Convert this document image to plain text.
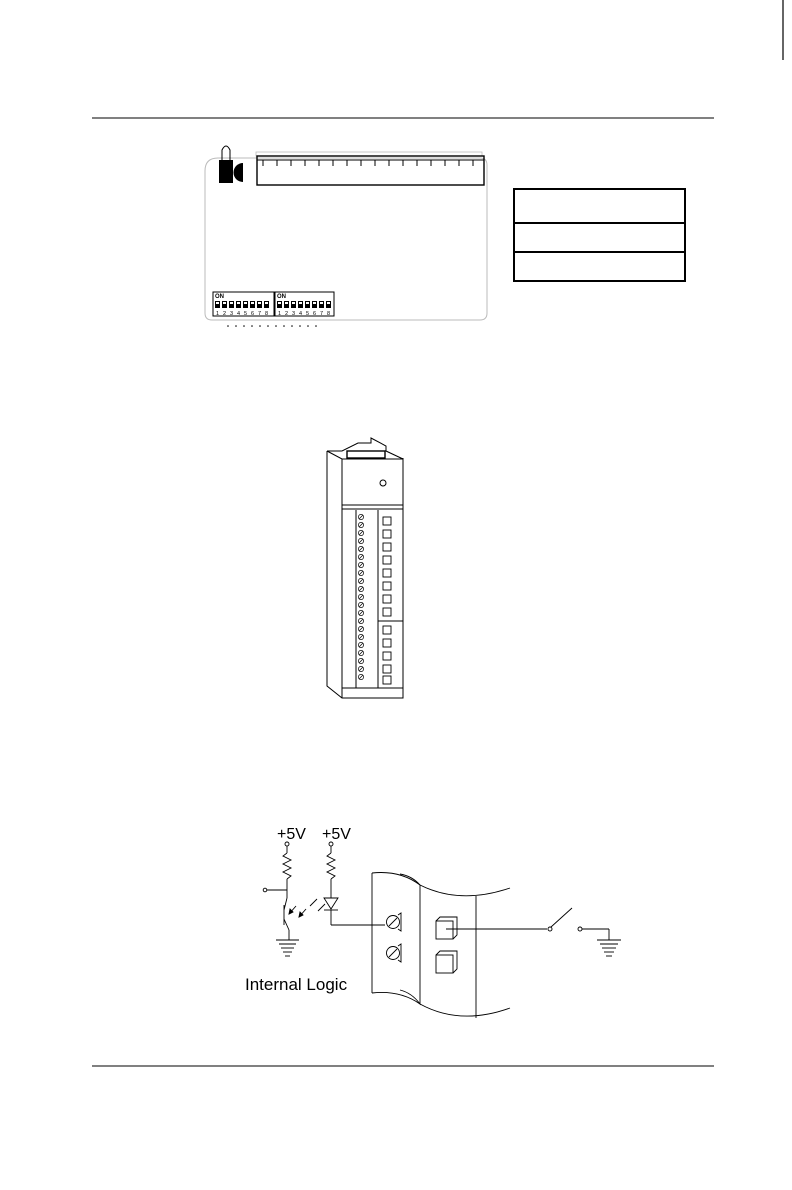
ON
1 2 3 4 5 6 7 8
ON
1 2 3 4 5 6 7 8
+5V +5V
Internal Logic
